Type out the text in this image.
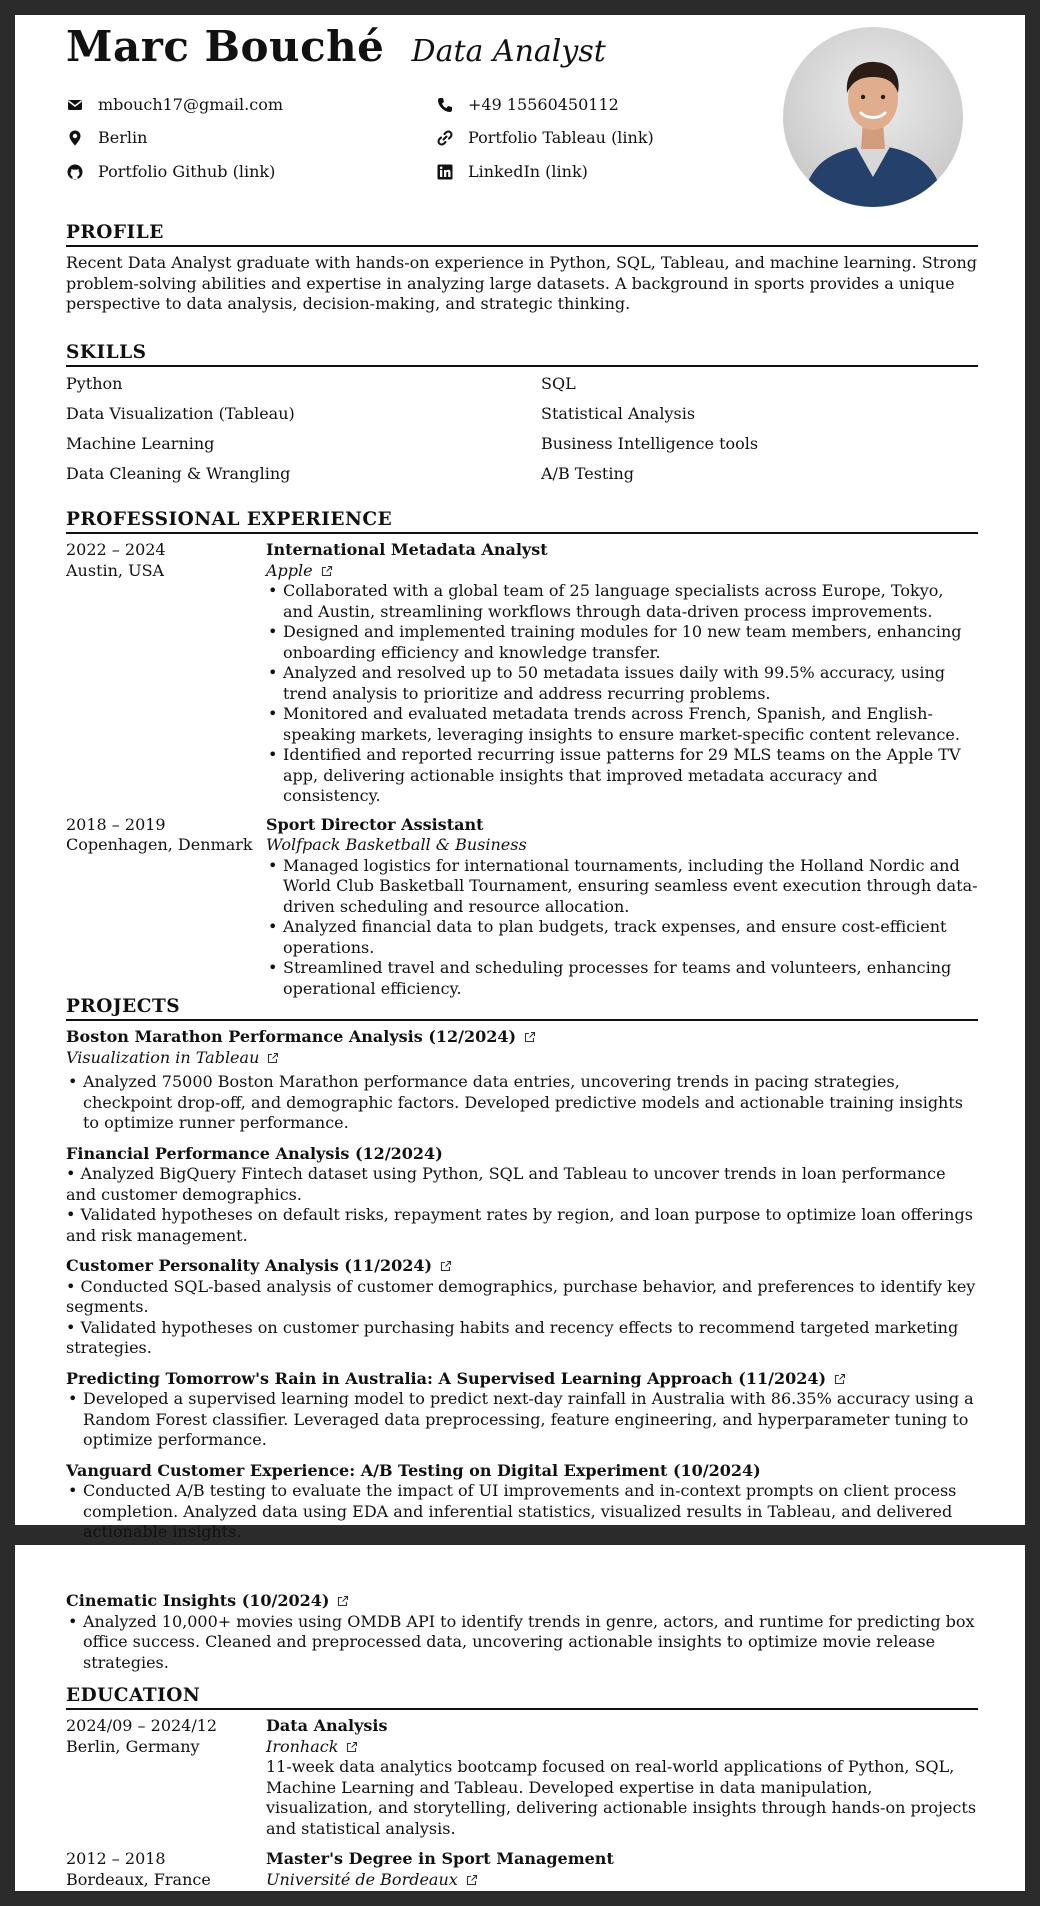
Marc Bouché Data Analyst
mbouch17@gmail.com	+49 15560450112
Berlin	Portfolio Tableau (link)
Portfolio Github (link)	LinkedIn (link)
PROFILE
Recent Data Analyst graduate with hands-on experience in Python, SQL, Tableau, and machine learning. Strong problem-solving abilities and expertise in analyzing large datasets. A background in sports provides a unique perspective to data analysis, decision-making, and strategic thinking.
SKILLS
Python	SQL
Data Visualization (Tableau)	Statistical Analysis
Machine Learning	Business Intelligence tools
Data Cleaning & Wrangling	A/B Testing
PROFESSIONAL EXPERIENCE
2022 – 2024
Austin, USA
International Metadata Analyst
Apple
• Collaborated with a global team of 25 language specialists across Europe, Tokyo, and Austin, streamlining workflows through data-driven process improvements.
• Designed and implemented training modules for 10 new team members, enhancing onboarding efficiency and knowledge transfer.
• Analyzed and resolved up to 50 metadata issues daily with 99.5% accuracy, using trend analysis to prioritize and address recurring problems.
• Monitored and evaluated metadata trends across French, Spanish, and English-speaking markets, leveraging insights to ensure market-specific content relevance.
• Identified and reported recurring issue patterns for 29 MLS teams on the Apple TV app, delivering actionable insights that improved metadata accuracy and consistency.
2018 – 2019
Copenhagen, Denmark
Sport Director Assistant
Wolfpack Basketball & Business
• Managed logistics for international tournaments, including the Holland Nordic and World Club Basketball Tournament, ensuring seamless event execution through data-driven scheduling and resource allocation.
• Analyzed financial data to plan budgets, track expenses, and ensure cost-efficient operations.
• Streamlined travel and scheduling processes for teams and volunteers, enhancing operational efficiency.
PROJECTS
Boston Marathon Performance Analysis (12/2024)
Visualization in Tableau
• Analyzed 75000 Boston Marathon performance data entries, uncovering trends in pacing strategies, checkpoint drop-off, and demographic factors. Developed predictive models and actionable training insights to optimize runner performance.
Financial Performance Analysis (12/2024)
• Analyzed BigQuery Fintech dataset using Python, SQL and Tableau to uncover trends in loan performance and customer demographics.
• Validated hypotheses on default risks, repayment rates by region, and loan purpose to optimize loan offerings and risk management.
Customer Personality Analysis (11/2024)
• Conducted SQL-based analysis of customer demographics, purchase behavior, and preferences to identify key segments.
• Validated hypotheses on customer purchasing habits and recency effects to recommend targeted marketing strategies.
Predicting Tomorrow's Rain in Australia: A Supervised Learning Approach (11/2024)
• Developed a supervised learning model to predict next-day rainfall in Australia with 86.35% accuracy using a Random Forest classifier. Leveraged data preprocessing, feature engineering, and hyperparameter tuning to optimize performance.
Vanguard Customer Experience: A/B Testing on Digital Experiment (10/2024)
• Conducted A/B testing to evaluate the impact of UI improvements and in-context prompts on client process completion. Analyzed data using EDA and inferential statistics, visualized results in Tableau, and delivered actionable insights.
Cinematic Insights (10/2024)
• Analyzed 10,000+ movies using OMDB API to identify trends in genre, actors, and runtime for predicting box office success. Cleaned and preprocessed data, uncovering actionable insights to optimize movie release strategies.
EDUCATION
2024/09 – 2024/12
Berlin, Germany
Data Analysis
Ironhack
11-week data analytics bootcamp focused on real-world applications of Python, SQL, Machine Learning and Tableau. Developed expertise in data manipulation, visualization, and storytelling, delivering actionable insights through hands-on projects and statistical analysis.
2012 – 2018
Bordeaux, France
Master's Degree in Sport Management
Université de Bordeaux
